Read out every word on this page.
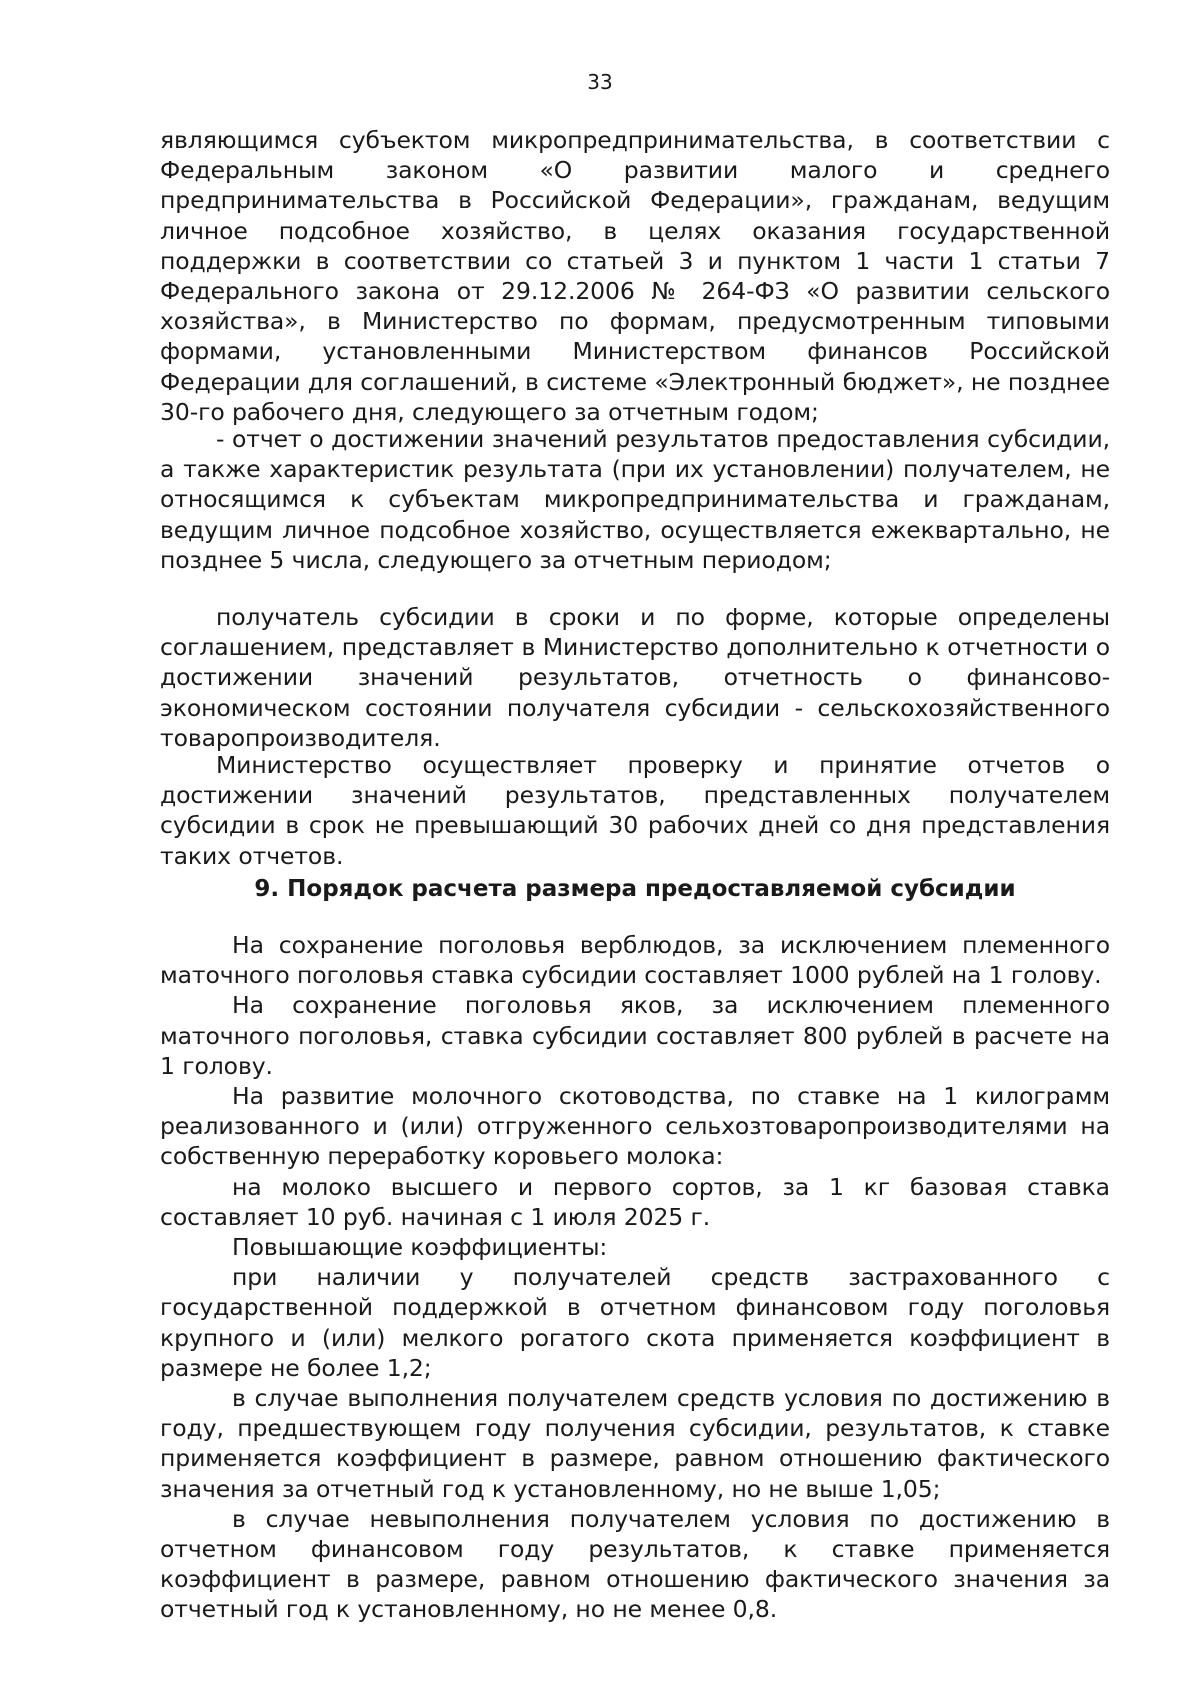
33

являющимся субъектом микропредпринимательства, в соответствии с Федеральным законом «О развитии малого и среднего предпринимательства в Российской Федерации», гражданам, ведущим личное подсобное хозяйство, в целях оказания государственной поддержки в соответствии со статьей 3 и пунктом 1 части 1 статьи 7 Федерального закона от 29.12.2006 № 264-ФЗ «О развитии сельского хозяйства», в Министерство по формам, предусмотренным типовыми формами, установленными Министерством финансов Российской Федерации для соглашений, в системе «Электронный бюджет», не позднее 30-го рабочего дня, следующего за отчетным годом;

- отчет о достижении значений результатов предоставления субсидии, а также характеристик результата (при их установлении) получателем, не относящимся к субъектам микропредпринимательства и гражданам, ведущим личное подсобное хозяйство, осуществляется ежеквартально, не позднее 5 числа, следующего за отчетным периодом;

получатель субсидии в сроки и по форме, которые определены соглашением, представляет в Министерство дополнительно к отчетности о достижении значений результатов, отчетность о финансово-экономическом состоянии получателя субсидии - сельскохозяйственного товаропроизводителя.

Министерство осуществляет проверку и принятие отчетов о достижении значений результатов, представленных получателем субсидии в срок не превышающий 30 рабочих дней со дня представления таких отчетов.

9. Порядок расчета размера предоставляемой субсидии

На сохранение поголовья верблюдов, за исключением племенного маточного поголовья ставка субсидии составляет 1000 рублей на 1 голову.

На сохранение поголовья яков, за исключением племенного маточного поголовья, ставка субсидии составляет 800 рублей в расчете на 1 голову.

На развитие молочного скотоводства, по ставке на 1 килограмм реализованного и (или) отгруженного сельхозтоваропроизводителями на собственную переработку коровьего молока:

на молоко высшего и первого сортов, за 1 кг базовая ставка составляет 10 руб. начиная с 1 июля 2025 г.

Повышающие коэффициенты:

при наличии у получателей средств застрахованного с государственной поддержкой в отчетном финансовом году поголовья крупного и (или) мелкого рогатого скота применяется коэффициент в размере не более 1,2;

в случае выполнения получателем средств условия по достижению в году, предшествующем году получения субсидии, результатов, к ставке применяется коэффициент в размере, равном отношению фактического значения за отчетный год к установленному, но не выше 1,05;

в случае невыполнения получателем условия по достижению в отчетном финансовом году результатов, к ставке применяется коэффициент в размере, равном отношению фактического значения за отчетный год к установленному, но не менее 0,8.
